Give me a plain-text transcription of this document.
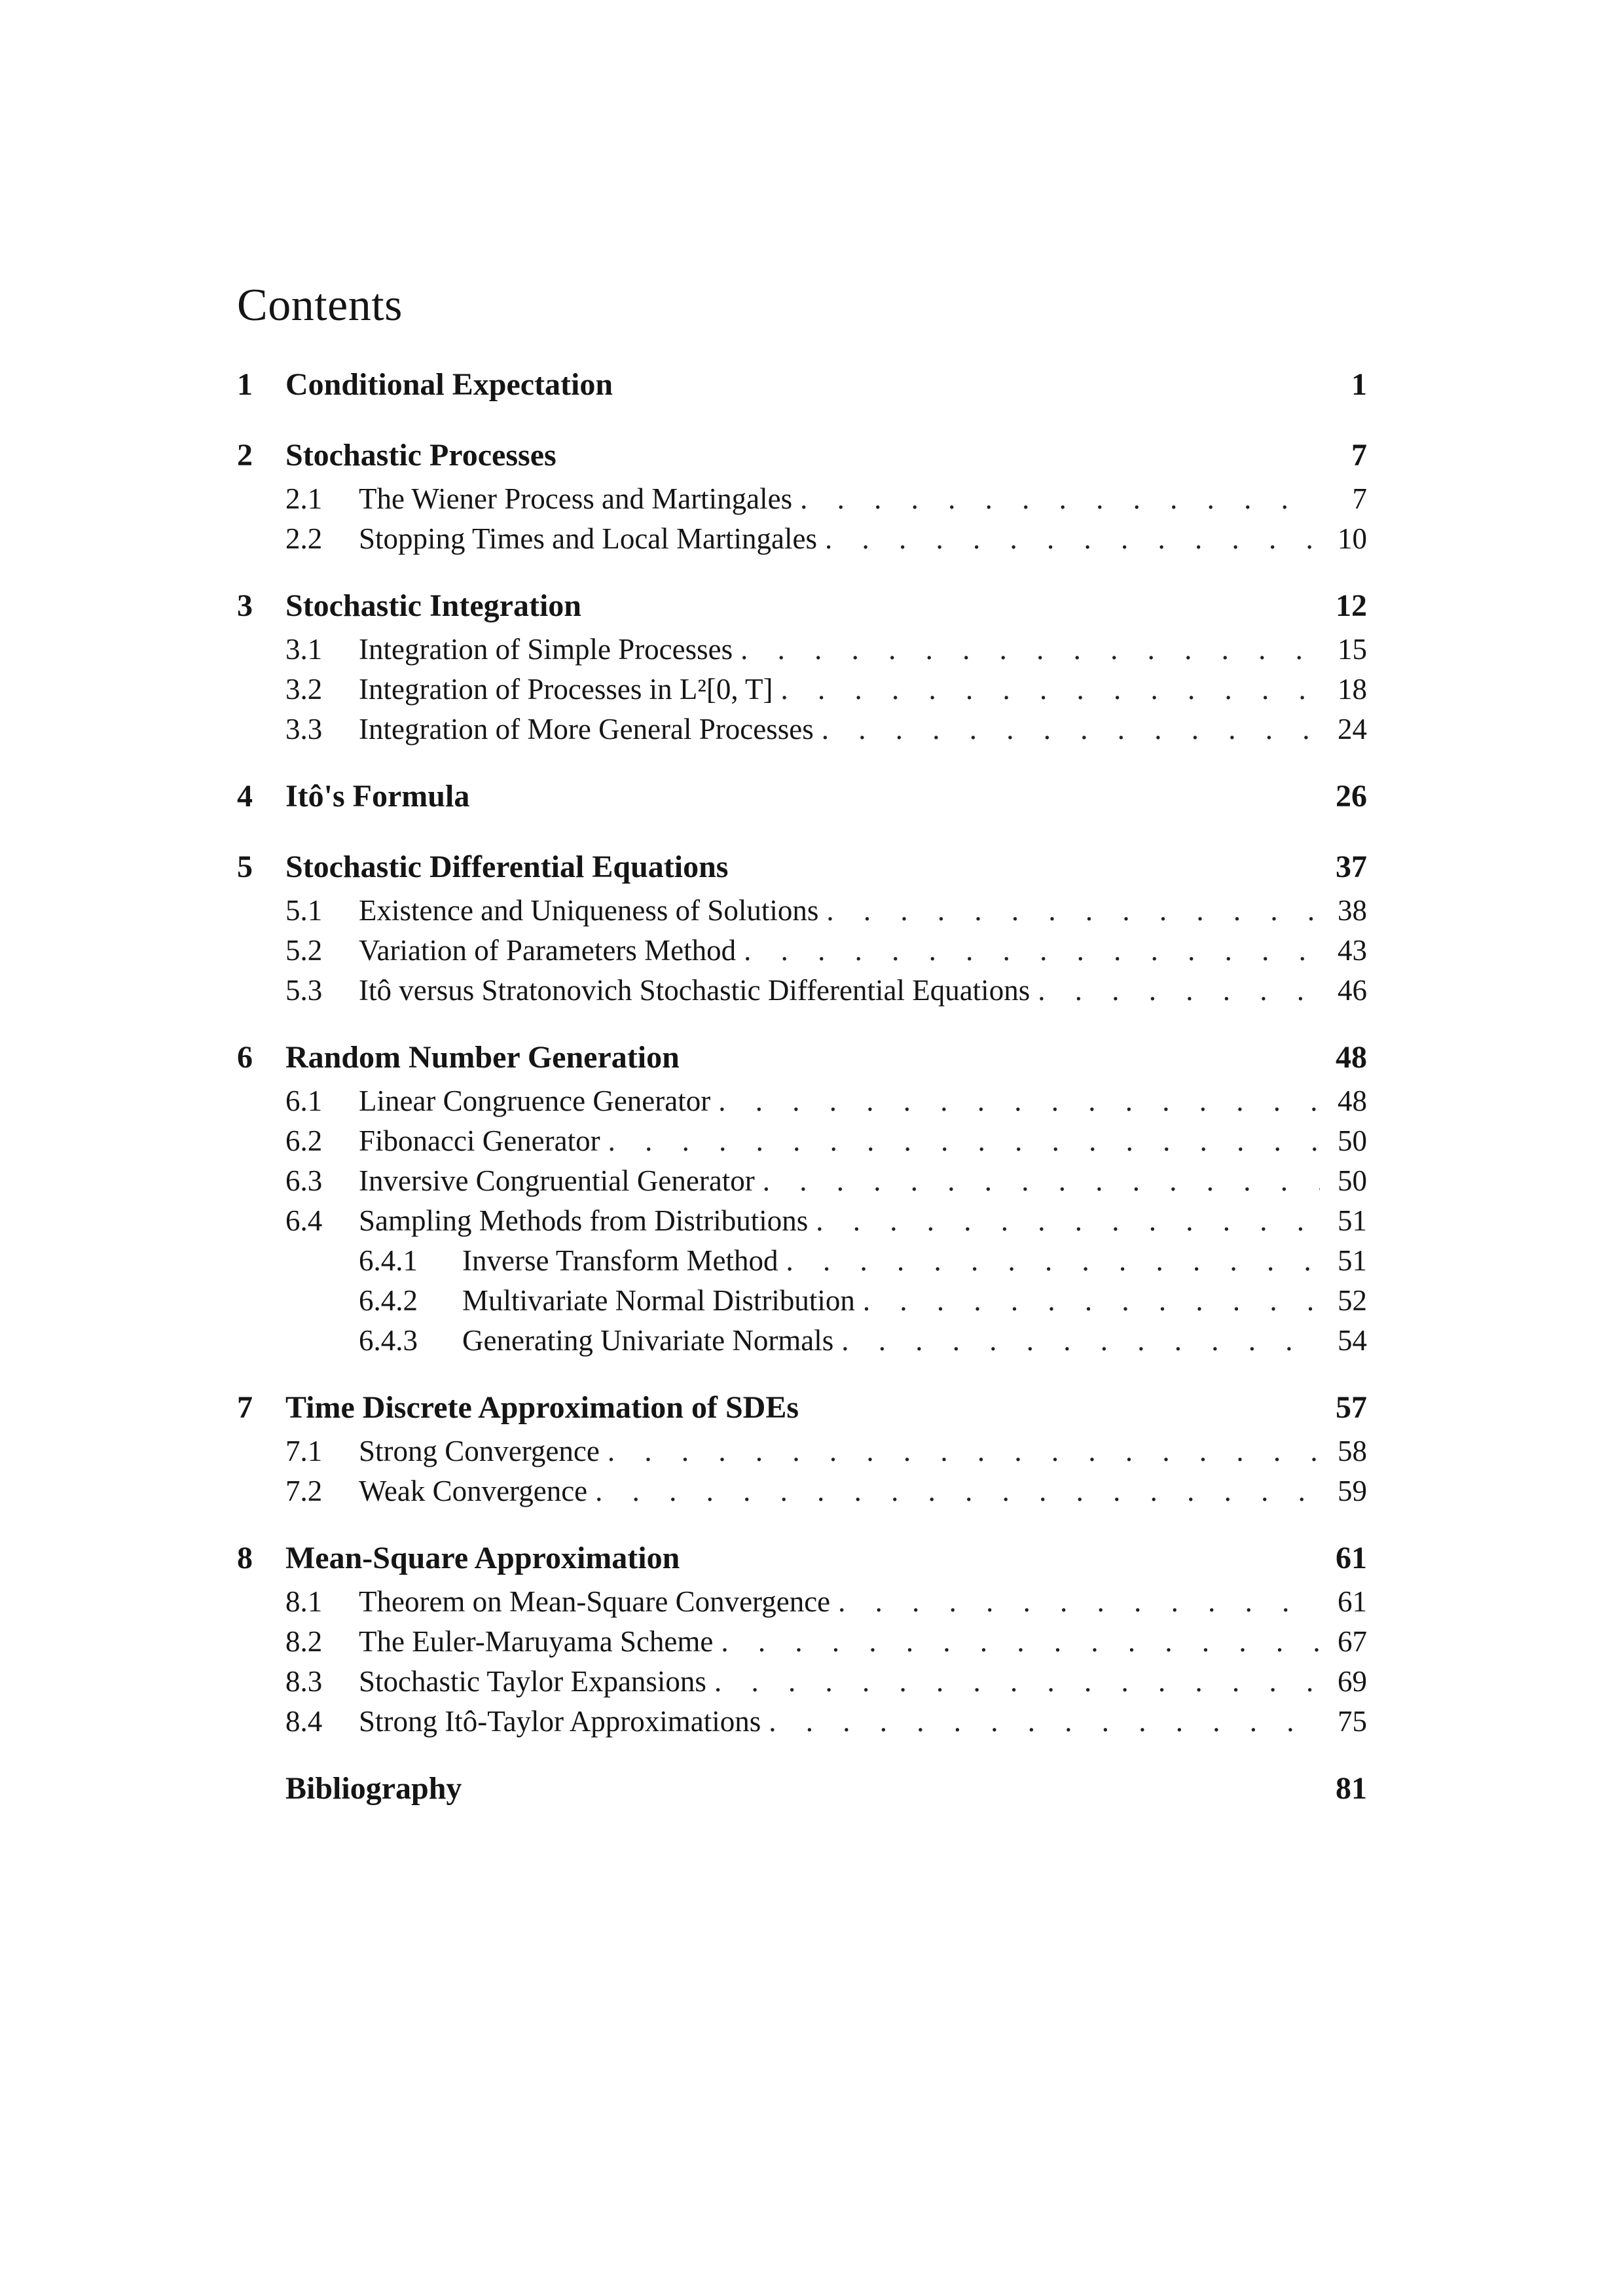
Contents
1	Conditional Expectation	1
2	Stochastic Processes	7
2.1	The Wiener Process and Martingales . . .	7
2.2	Stopping Times and Local Martingales . . .	10
3	Stochastic Integration	12
3.1	Integration of Simple Processes . . .	15
3.2	Integration of Processes in L²[0, T] . . .	18
3.3	Integration of More General Processes . . .	24
4	Itô's Formula	26
5	Stochastic Differential Equations	37
5.1	Existence and Uniqueness of Solutions . . .	38
5.2	Variation of Parameters Method . . .	43
5.3	Itô versus Stratonovich Stochastic Differential Equations . . .	46
6	Random Number Generation	48
6.1	Linear Congruence Generator . . .	48
6.2	Fibonacci Generator . . .	50
6.3	Inversive Congruential Generator . . .	50
6.4	Sampling Methods from Distributions . . .	51
6.4.1	Inverse Transform Method . . .	51
6.4.2	Multivariate Normal Distribution . . .	52
6.4.3	Generating Univariate Normals . . .	54
7	Time Discrete Approximation of SDEs	57
7.1	Strong Convergence . . .	58
7.2	Weak Convergence . . .	59
8	Mean-Square Approximation	61
8.1	Theorem on Mean-Square Convergence . . .	61
8.2	The Euler-Maruyama Scheme . . .	67
8.3	Stochastic Taylor Expansions . . .	69
8.4	Strong Itô-Taylor Approximations . . .	75
Bibliography	81
